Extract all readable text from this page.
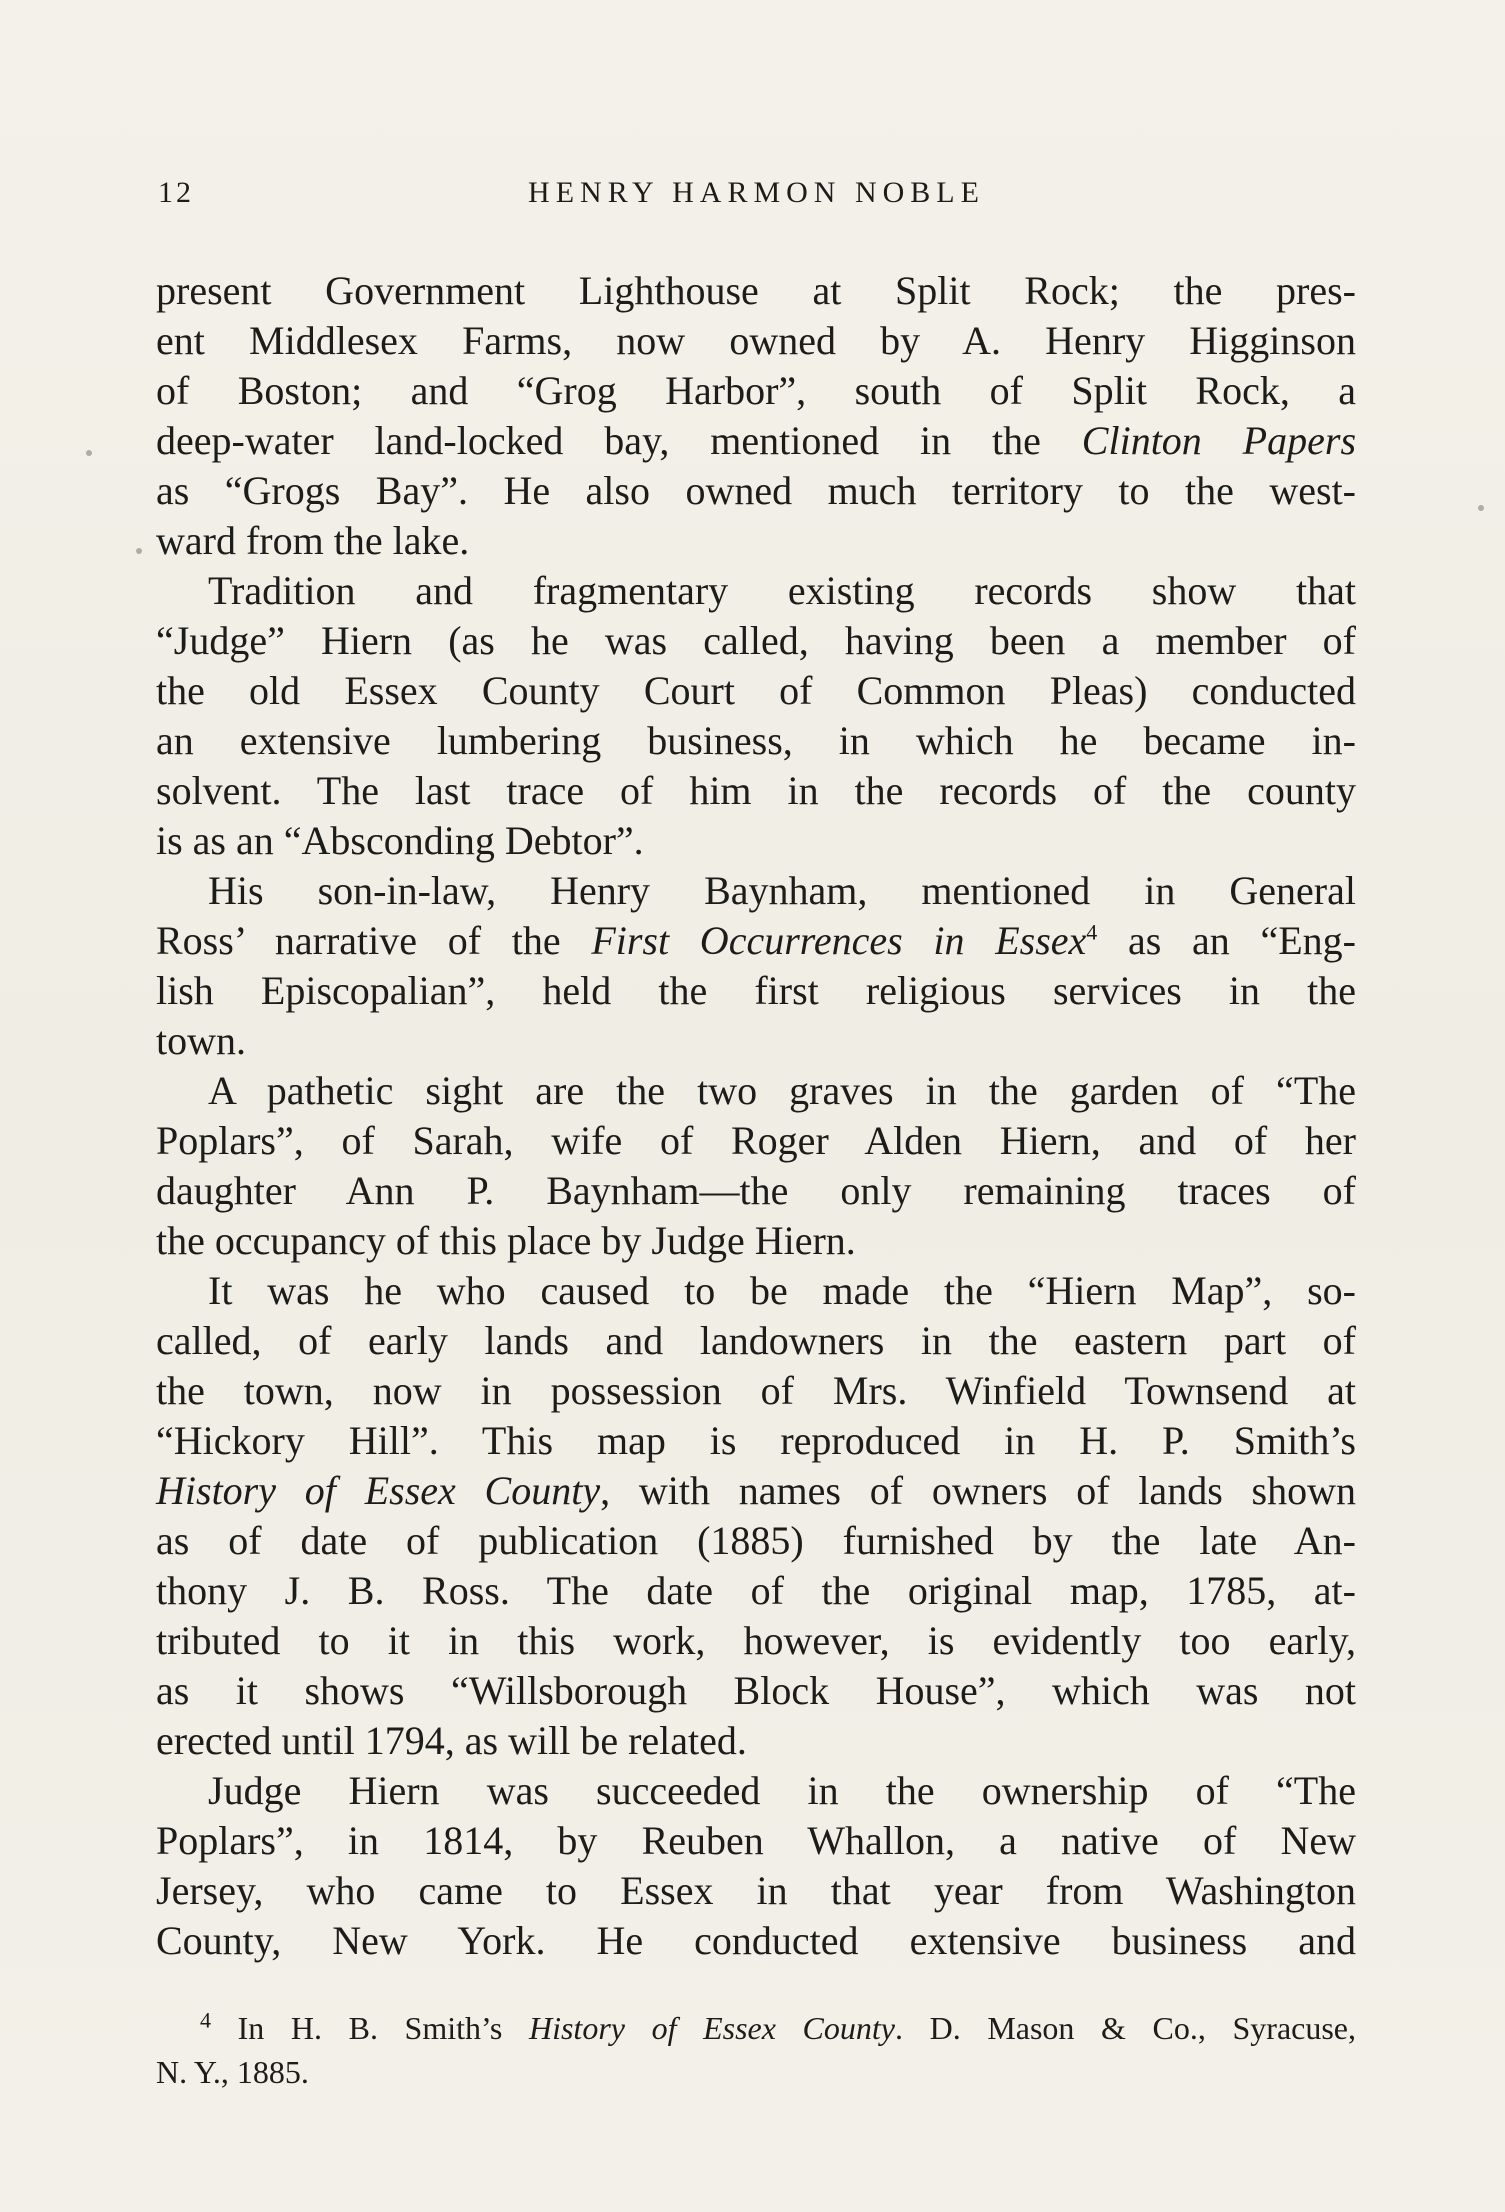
12	HENRY HARMON NOBLE
present Government Lighthouse at Split Rock; the pres-
ent Middlesex Farms, now owned by A. Henry Higginson
of Boston; and “Grog Harbor”, south of Split Rock, a
deep-water land-locked bay, mentioned in the Clinton Papers
as “Grogs Bay”. He also owned much territory to the west-
ward from the lake.
Tradition and fragmentary existing records show that
“Judge” Hiern (as he was called, having been a member of
the old Essex County Court of Common Pleas) conducted
an extensive lumbering business, in which he became in-
solvent. The last trace of him in the records of the county
is as an “Absconding Debtor”.
His son-in-law, Henry Baynham, mentioned in General
Ross’ narrative of the First Occurrences in Essex$^4$ as an “Eng-
lish Episcopalian”, held the first religious services in the
town.
A pathetic sight are the two graves in the garden of “The
Poplars”, of Sarah, wife of Roger Alden Hiern, and of her
daughter Ann P. Baynham—the only remaining traces of
the occupancy of this place by Judge Hiern.
It was he who caused to be made the “Hiern Map”, so-
called, of early lands and landowners in the eastern part of
the town, now in possession of Mrs. Winfield Townsend at
“Hickory Hill”. This map is reproduced in H. P. Smith’s
History of Essex County, with names of owners of lands shown
as of date of publication (1885) furnished by the late An-
thony J. B. Ross. The date of the original map, 1785, at-
tributed to it in this work, however, is evidently too early,
as it shows “Willsborough Block House”, which was not
erected until 1794, as will be related.
Judge Hiern was succeeded in the ownership of “The
Poplars”, in 1814, by Reuben Whallon, a native of New
Jersey, who came to Essex in that year from Washington
County, New York. He conducted extensive business and
$^4$ In H. B. Smith’s History of Essex County. D. Mason & Co., Syracuse,
N. Y., 1885.
